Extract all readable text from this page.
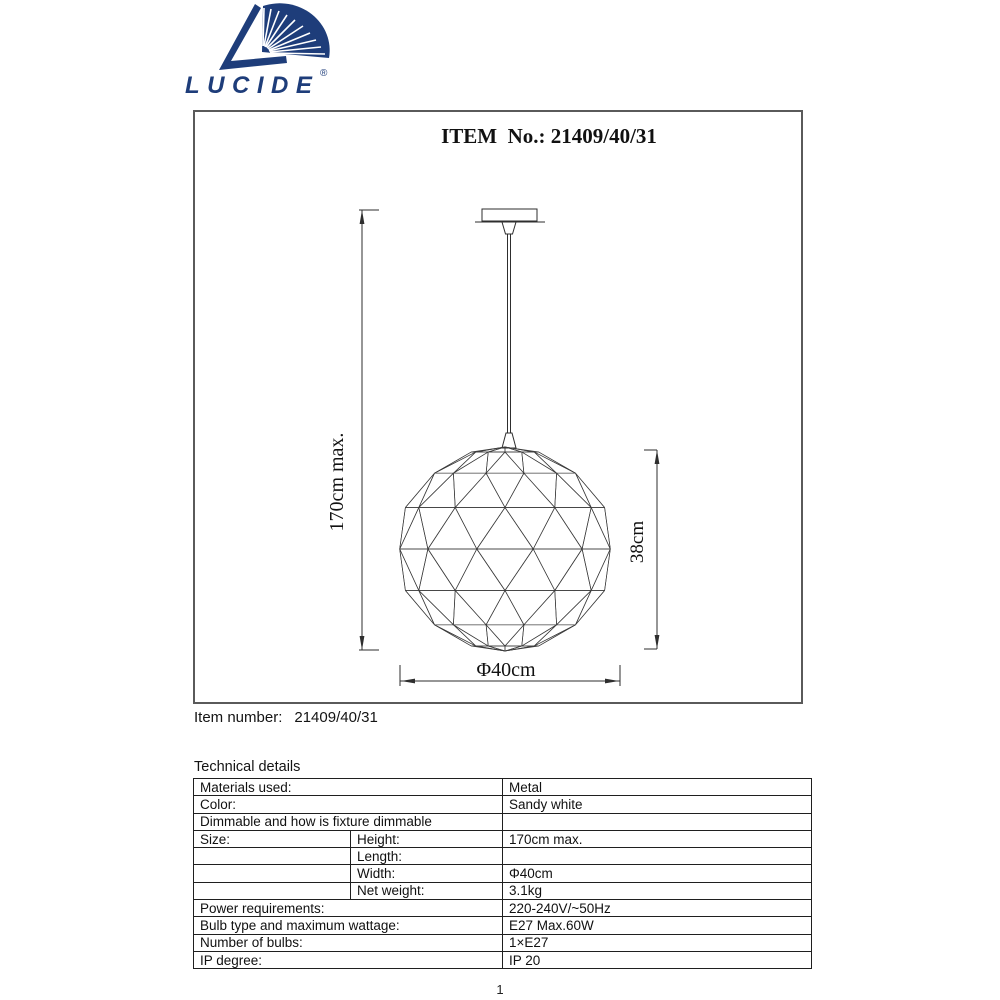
LUCIDE ®
ITEM  No.: 21409/40/31
170cm max.
38cm
Φ40cm
Item number: 21409/40/31
Technical details
Materials used:		Metal
Color:		Sandy white
Dimmable and how is fixture dimmable		
Size:	Height:	170cm max.
	Length:	
	Width:	Φ40cm
	Net weight:	3.1kg
Power requirements:		220-240V/~50Hz
Bulb type and maximum wattage:		E27 Max.60W
Number of bulbs:		1×E27
IP degree:		IP 20
1
